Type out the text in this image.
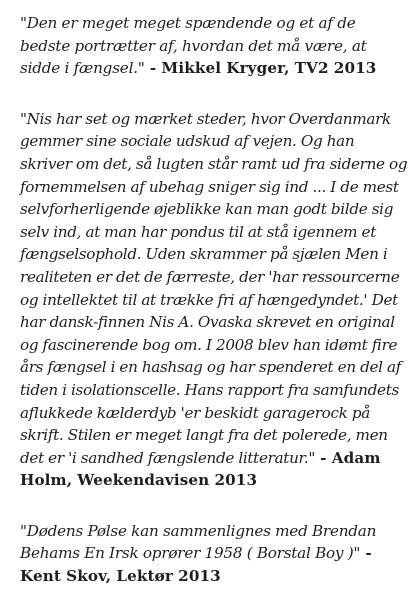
"Den er meget meget spændende og et af de bedste portrætter af, hvordan det må være, at sidde i fængsel." - Mikkel Kryger, TV2 2013

"Nis har set og mærket steder, hvor Overdanmark gemmer sine sociale udskud af vejen. Og han skriver om det, så lugten står ramt ud fra siderne og fornemmelsen af ubehag sniger sig ind ... I de mest selvforherligende øjeblikke kan man godt bilde sig selv ind, at man har pondus til at stå igennem et fængselsophold. Uden skrammer på sjælen Men i realiteten er det de færreste, der 'har ressourcerne og intellektet til at trække fri af hængedyndet.' Det har dansk-finnen Nis A. Ovaska skrevet en original og fascinerende bog om. I 2008 blev han idømt fire års fængsel i en hashsag og har spenderet en del af tiden i isolationscelle. Hans rapport fra samfundets aflukkede kælderdyb 'er beskidt garagerock på skrift. Stilen er meget langt fra det polerede, men det er 'i sandhed fængslende litteratur." - Adam Holm, Weekendavisen 2013

"Dødens Pølse kan sammenlignes med Brendan Behams En Irsk oprører 1958 ( Borstal Boy )" - Kent Skov, Lektør 2013
